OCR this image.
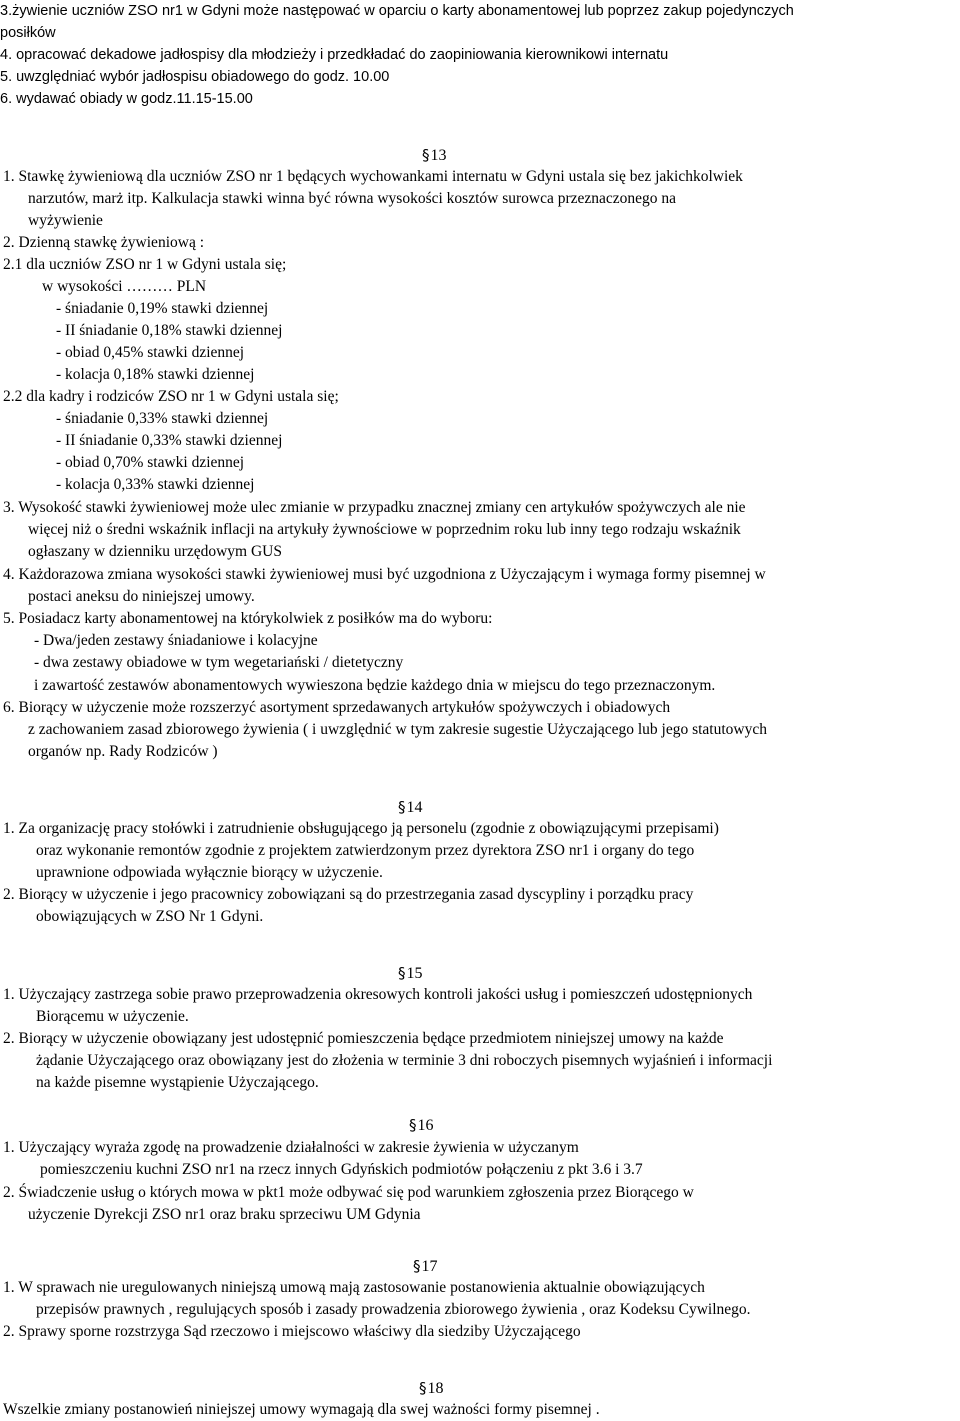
3.żywienie uczniów ZSO nr1 w Gdyni może następować w oparciu o karty abonamentowej lub poprzez zakup pojedynczych
posiłków
4. opracować dekadowe jadłospisy dla młodzieży i przedkładać do zaopiniowania kierownikowi internatu
5. uwzględniać wybór jadłospisu obiadowego do godz. 10.00
6. wydawać obiady w godz.11.15-15.00
§13
1. Stawkę żywieniową dla uczniów ZSO nr 1 będących wychowankami internatu w Gdyni ustala się bez jakichkolwiek
narzutów, marż itp. Kalkulacja stawki winna być równa wysokości kosztów surowca przeznaczonego na
wyżywienie
2. Dzienną stawkę żywieniową :
2.1 dla uczniów ZSO nr 1 w Gdyni ustala się;
w wysokości ……… PLN
- śniadanie 0,19% stawki dziennej
- II śniadanie 0,18% stawki dziennej
- obiad 0,45% stawki dziennej
- kolacja 0,18% stawki dziennej
2.2 dla kadry i rodziców ZSO nr 1 w Gdyni ustala się;
- śniadanie 0,33% stawki dziennej
- II śniadanie 0,33% stawki dziennej
- obiad 0,70% stawki dziennej
- kolacja 0,33% stawki dziennej
3. Wysokość stawki żywieniowej może ulec zmianie w przypadku znacznej zmiany cen artykułów spożywczych ale nie
więcej niż o średni wskaźnik inflacji na artykuły żywnościowe w poprzednim roku lub inny tego rodzaju wskaźnik
ogłaszany w dzienniku urzędowym GUS
4. Każdorazowa zmiana wysokości stawki żywieniowej musi być uzgodniona z Użyczającym i wymaga formy pisemnej w
postaci aneksu do niniejszej umowy.
5. Posiadacz karty abonamentowej na którykolwiek z posiłków ma do wyboru:
- Dwa/jeden zestawy śniadaniowe i kolacyjne
- dwa zestawy obiadowe w tym wegetariański / dietetyczny
i zawartość zestawów abonamentowych wywieszona będzie każdego dnia w miejscu do tego przeznaczonym.
6. Biorący w użyczenie może rozszerzyć asortyment sprzedawanych artykułów spożywczych i obiadowych
z zachowaniem zasad zbiorowego żywienia ( i uwzględnić w tym zakresie sugestie Użyczającego lub jego statutowych
organów np. Rady Rodziców )
§14
1. Za organizację pracy stołówki i zatrudnienie obsługującego ją personelu (zgodnie z obowiązującymi przepisami)
oraz wykonanie remontów zgodnie z projektem zatwierdzonym przez dyrektora ZSO nr1 i organy do tego
uprawnione odpowiada wyłącznie biorący w użyczenie.
2. Biorący w użyczenie i jego pracownicy zobowiązani są do przestrzegania zasad dyscypliny i porządku pracy
obowiązujących w ZSO Nr 1 Gdyni.
§15
1. Użyczający zastrzega sobie prawo przeprowadzenia okresowych kontroli jakości usług i pomieszczeń udostępnionych
Biorącemu w użyczenie.
2. Biorący w użyczenie obowiązany jest udostępnić pomieszczenia będące przedmiotem niniejszej umowy na każde
żądanie Użyczającego oraz obowiązany jest do złożenia w terminie 3 dni roboczych pisemnych wyjaśnień i informacji
na każde pisemne wystąpienie Użyczającego.
§16
1. Użyczający wyraża zgodę na prowadzenie działalności w zakresie żywienia w użyczanym
pomieszczeniu kuchni ZSO nr1 na rzecz innych Gdyńskich podmiotów połączeniu z pkt 3.6 i 3.7
2. Świadczenie usług o których mowa w pkt1 może odbywać się pod warunkiem zgłoszenia przez Biorącego w
użyczenie Dyrekcji ZSO nr1 oraz braku sprzeciwu UM Gdynia
§17
1. W sprawach nie uregulowanych niniejszą umową mają zastosowanie postanowienia aktualnie obowiązujących
przepisów prawnych , regulujących sposób i zasady prowadzenia zbiorowego żywienia , oraz Kodeksu Cywilnego.
2. Sprawy sporne rozstrzyga Sąd rzeczowo i miejscowo właściwy dla siedziby Użyczającego
§18
Wszelkie zmiany postanowień niniejszej umowy wymagają dla swej ważności formy pisemnej .
